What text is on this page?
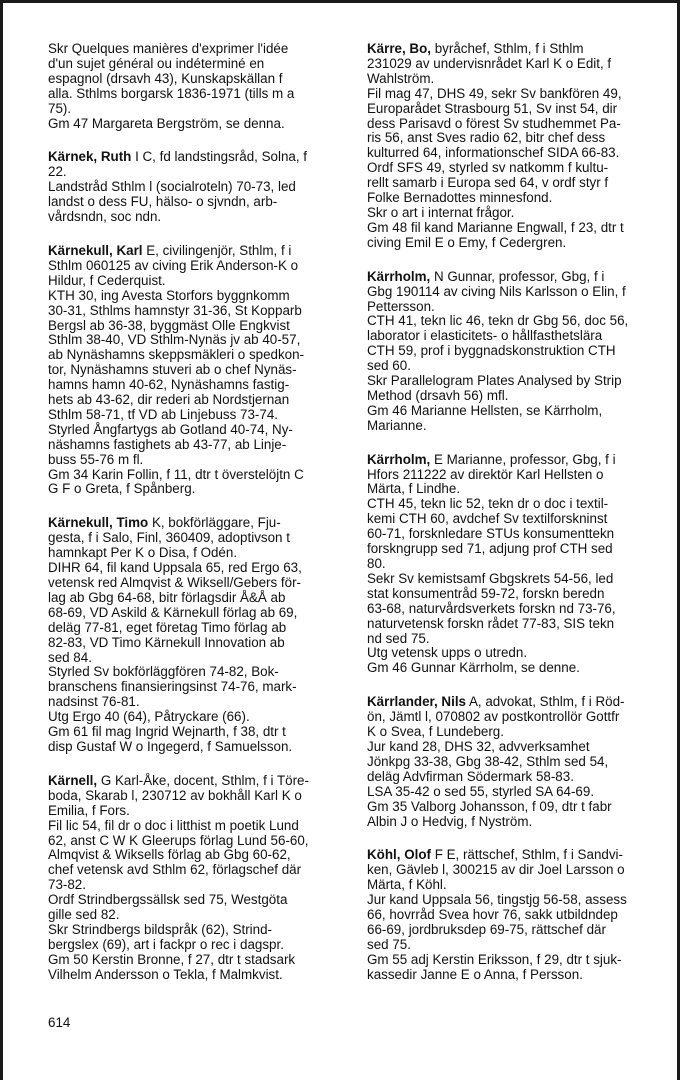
Skr Quelques manières d'exprimer l'idée

d'un sujet général ou indéterminé en

espagnol (drsavh 43), Kunskapskällan f

alla. Sthlms borgarsk 1836-1971 (tills m a

75).

Gm 47 Margareta Bergström, se denna.

Kärnek, Ruth I C, fd landstingsråd, Solna, f

22.

Landstråd Sthlm l (socialroteln) 70-73, led

landst o dess FU, hälso- o sjvndn, arb-

vårdsndn, soc ndn.

Kärnekull, Karl E, civilingenjör, Sthlm, f i

Sthlm 060125 av civing Erik Anderson-K o

Hildur, f Cederquist.

KTH 30, ing Avesta Storfors byggnkomm

30-31, Sthlms hamnstyr 31-36, St Kopparb

Bergsl ab 36-38, byggmäst Olle Engkvist

Sthlm 38-40, VD Sthlm-Nynäs jv ab 40-57,

ab Nynäshamns skeppsmäkleri o spedkon-

tor, Nynäshamns stuveri ab o chef Nynäs-

hamns hamn 40-62, Nynäshamns fastig-

hets ab 43-62, dir rederi ab Nordstjernan

Sthlm 58-71, tf VD ab Linjebuss 73-74.

Styrled Ångfartygs ab Gotland 40-74, Ny-

näshamns fastighets ab 43-77, ab Linje-

buss 55-76 m fl.

Gm 34 Karin Follin, f 11, dtr t överstelöjtn C

G F o Greta, f Spånberg.

Kärnekull, Timo K, bokförläggare, Fju-

gesta, f i Salo, Finl, 360409, adoptivson t

hamnkapt Per K o Disa, f Odén.

DIHR 64, fil kand Uppsala 65, red Ergo 63,

vetensk red Almqvist & Wiksell/Gebers för-

lag ab Gbg 64-68, bitr förlagsdir Å&Å ab

68-69, VD Askild & Kärnekull förlag ab 69,

deläg 77-81, eget företag Timo förlag ab

82-83, VD Timo Kärnekull Innovation ab

sed 84.

Styrled Sv bokförläggfören 74-82, Bok-

branschens finansieringsinst 74-76, mark-

nadsinst 76-81.

Utg Ergo 40 (64), Påtryckare (66).

Gm 61 fil mag Ingrid Wejnarth, f 38, dtr t

disp Gustaf W o Ingegerd, f Samuelsson.

Kärnell, G Karl-Åke, docent, Sthlm, f i Töre-

boda, Skarab l, 230712 av bokhåll Karl K o

Emilia, f Fors.

Fil lic 54, fil dr o doc i litthist m poetik Lund

62, anst C W K Gleerups förlag Lund 56-60,

Almqvist & Wiksells förlag ab Gbg 60-62,

chef vetensk avd Sthlm 62, förlagschef där

73-82.

Ordf Strindbergssällsk sed 75, Westgöta

gille sed 82.

Skr Strindbergs bildspråk (62), Strind-

bergslex (69), art i fackpr o rec i dagspr.

Gm 50 Kerstin Bronne, f 27, dtr t stadsark

Vilhelm Andersson o Tekla, f Malmkvist.

Kärre, Bo, byråchef, Sthlm, f i Sthlm

231029 av undervisnrådet Karl K o Edit, f

Wahlström.

Fil mag 47, DHS 49, sekr Sv bankfören 49,

Europarådet Strasbourg 51, Sv inst 54, dir

dess Parisavd o förest Sv studhemmet Pa-

ris 56, anst Sves radio 62, bitr chef dess

kulturred 64, informationschef SIDA 66-83.

Ordf SFS 49, styrled sv natkomm f kultu-

rellt samarb i Europa sed 64, v ordf styr f

Folke Bernadottes minnesfond.

Skr o art i internat frågor.

Gm 48 fil kand Marianne Engwall, f 23, dtr t

civing Emil E o Emy, f Cedergren.

Kärrholm, N Gunnar, professor, Gbg, f i

Gbg 190114 av civing Nils Karlsson o Elin, f

Pettersson.

CTH 41, tekn lic 46, tekn dr Gbg 56, doc 56,

laborator i elasticitets- o hållfasthetslära

CTH 59, prof i byggnadskonstruktion CTH

sed 60.

Skr Parallelogram Plates Analysed by Strip

Method (drsavh 56) mfl.

Gm 46 Marianne Hellsten, se Kärrholm,

Marianne.

Kärrholm, E Marianne, professor, Gbg, f i

Hfors 211222 av direktör Karl Hellsten o

Märta, f Lindhe.

CTH 45, tekn lic 52, tekn dr o doc i textil-

kemi CTH 60, avdchef Sv textilforskninst

60-71, forsknledare STUs konsumenttekn

forskngrupp sed 71, adjung prof CTH sed

80.

Sekr Sv kemistsamf Gbgskrets 54-56, led

stat konsumentråd 59-72, forskn beredn

63-68, naturvårdsverkets forskn nd 73-76,

naturvetensk forskn rådet 77-83, SIS tekn

nd sed 75.

Utg vetensk upps o utredn.

Gm 46 Gunnar Kärrholm, se denne.

Kärrlander, Nils A, advokat, Sthlm, f i Röd-

ön, Jämtl l, 070802 av postkontrollör Gottfr

K o Svea, f Lundeberg.

Jur kand 28, DHS 32, advverksamhet

Jönkpg 33-38, Gbg 38-42, Sthlm sed 54,

deläg Advfirman Södermark 58-83.

LSA 35-42 o sed 55, styrled SA 64-69.

Gm 35 Valborg Johansson, f 09, dtr t fabr

Albin J o Hedvig, f Nyström.

Köhl, Olof F E, rättschef, Sthlm, f i Sandvi-

ken, Gävleb l, 300215 av dir Joel Larsson o

Märta, f Köhl.

Jur kand Uppsala 56, tingstjg 56-58, assess

66, hovrråd Svea hovr 76, sakk utbildndep

66-69, jordbruksdep 69-75, rättschef där

sed 75.

Gm 55 adj Kerstin Eriksson, f 29, dtr t sjuk-

kassedir Janne E o Anna, f Persson.

614
